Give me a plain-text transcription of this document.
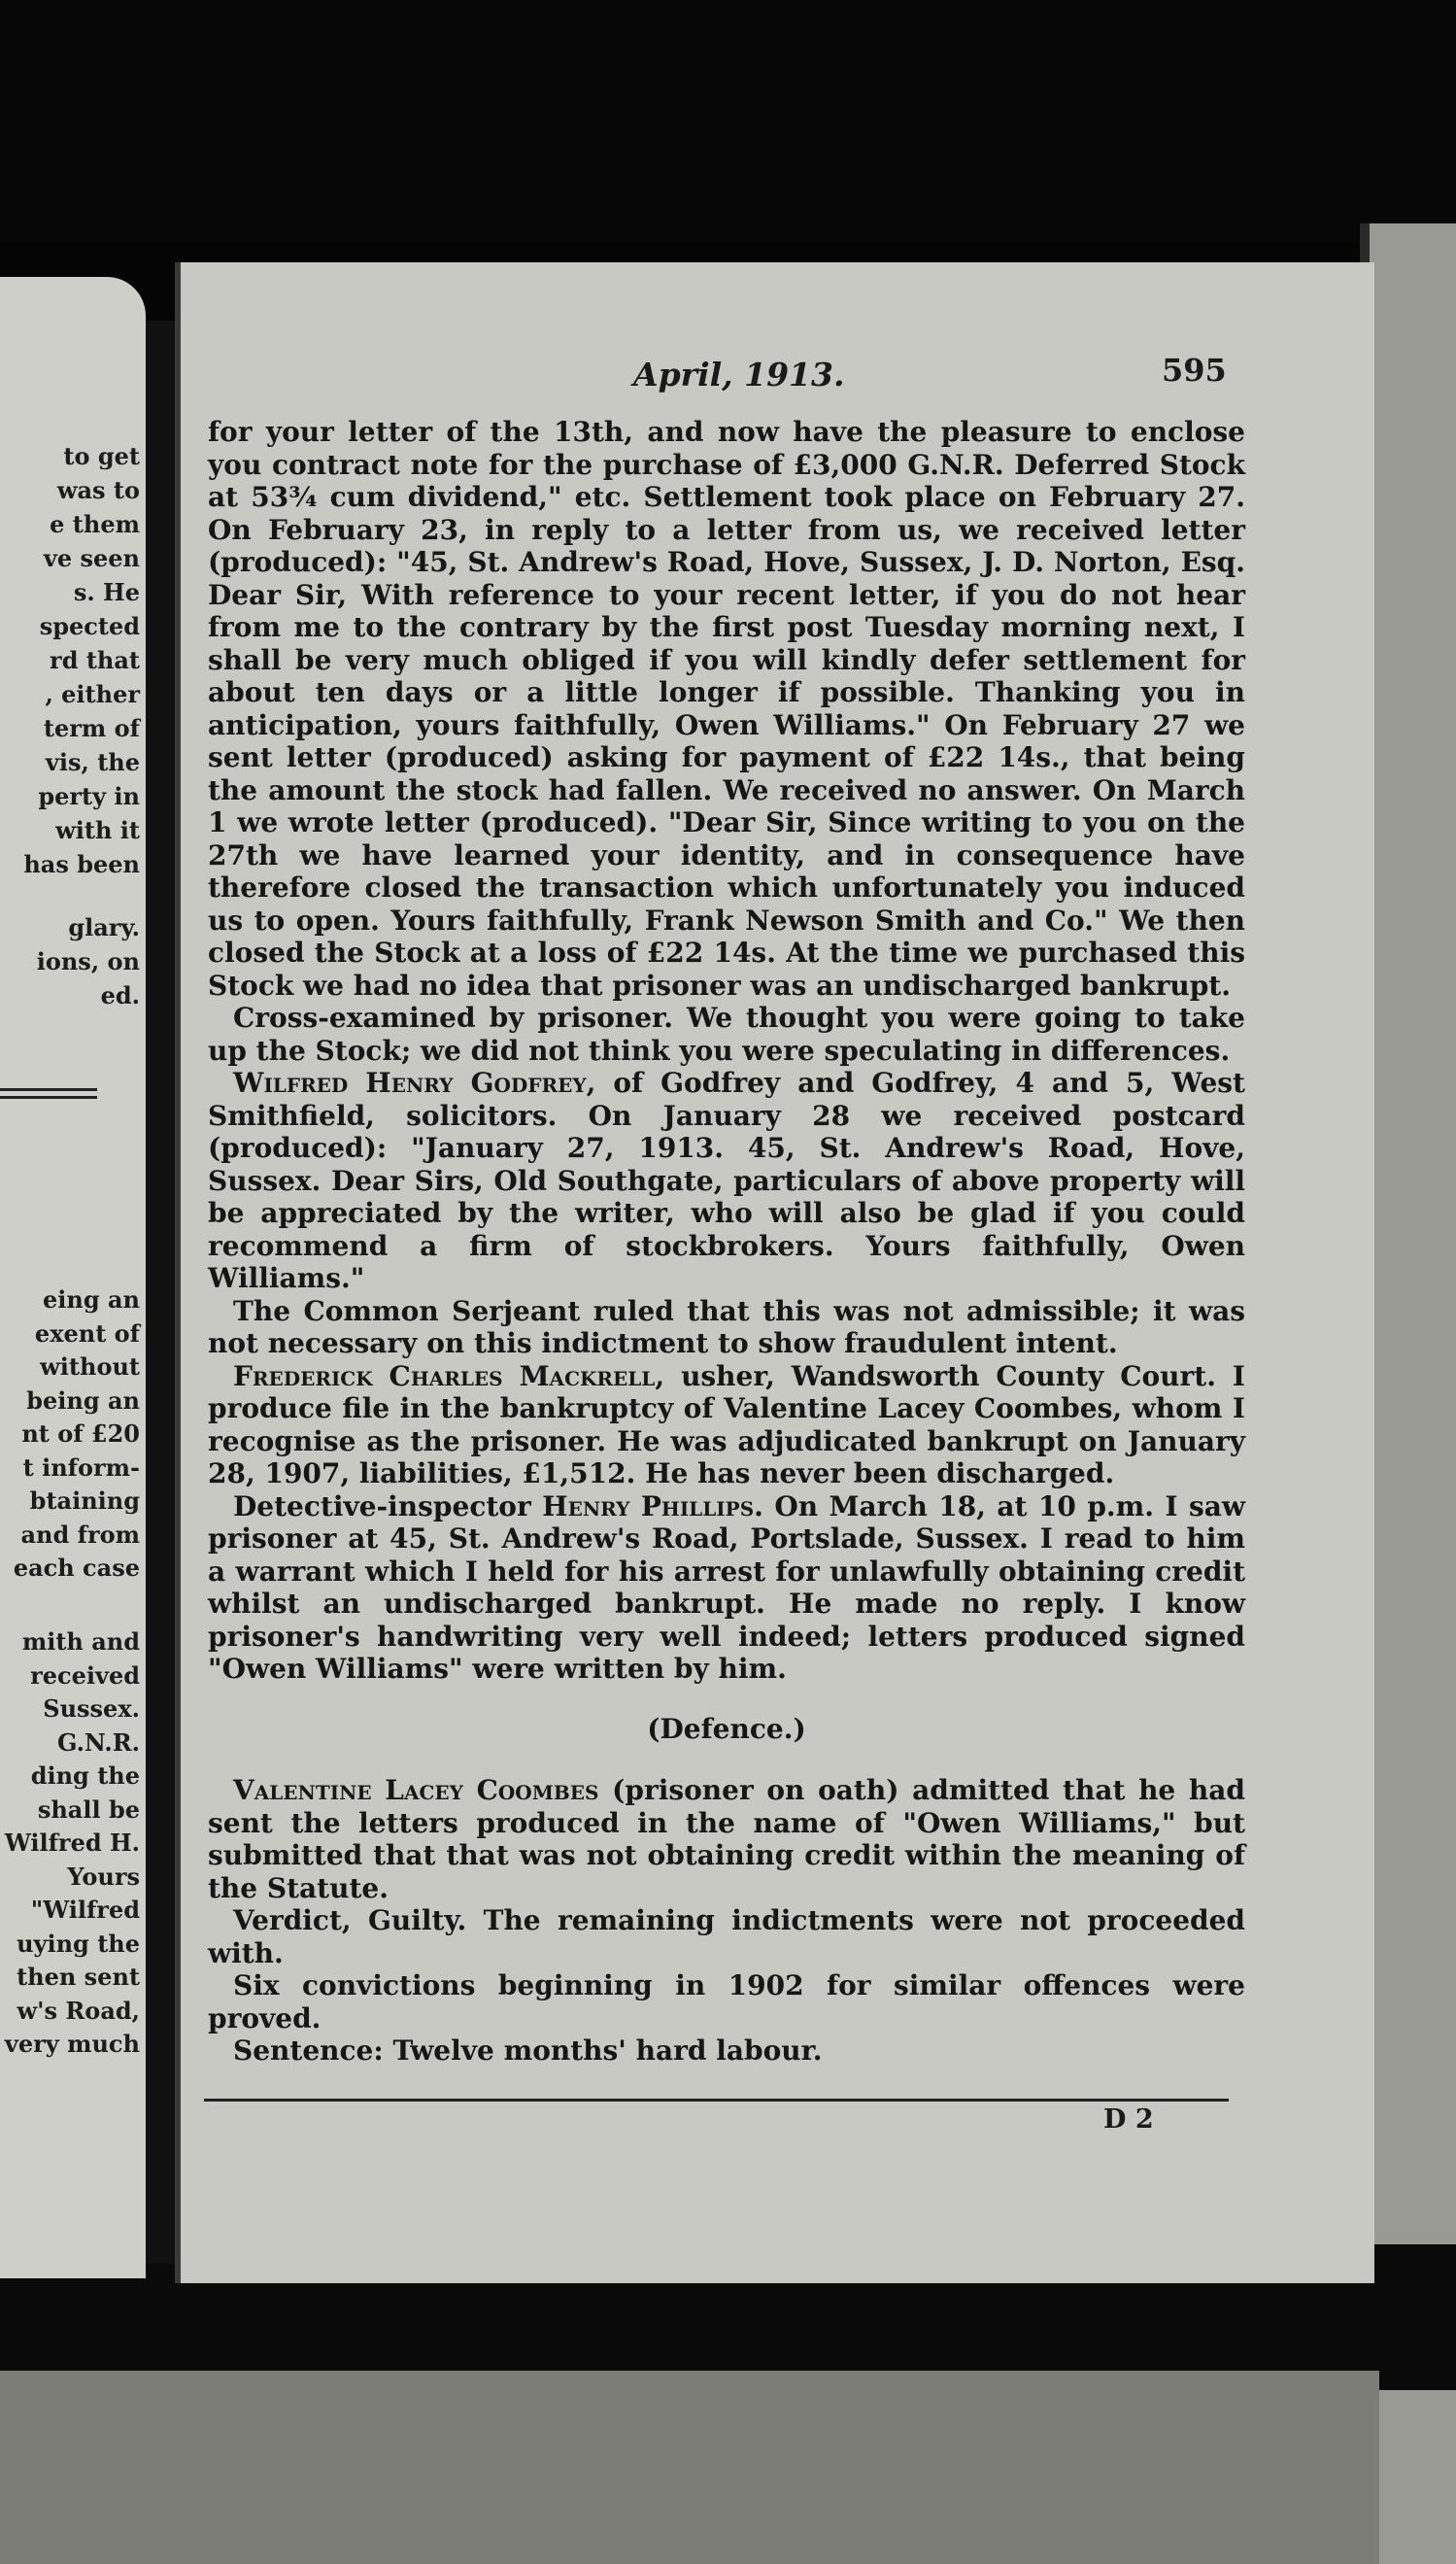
to get
was to
e them
ve seen
s. He
spected
rd that
, either
term of
vis, the
perty in
with it
has been
glary.
ions, on
ed.
eing an
exent of
without
being an
nt of £20
t inform-
btaining
and from
each case
mith and
received
Sussex.
G.N.R.
ding the
shall be
Wilfred H.
Yours
"Wilfred
uying the
then sent
w's Road,
very much
April, 1913.	595

for your letter of the 13th, and now have the pleasure to enclose you contract note for the purchase of £3,000 G.N.R. Deferred Stock at 53¾ cum dividend," etc. Settlement took place on February 27. On February 23, in reply to a letter from us, we received letter (produced): "45, St. Andrew's Road, Hove, Sussex, J. D. Norton, Esq. Dear Sir, With reference to your recent letter, if you do not hear from me to the contrary by the first post Tuesday morning next, I shall be very much obliged if you will kindly defer settlement for about ten days or a little longer if possible. Thanking you in anticipation, yours faithfully, Owen Williams." On February 27 we sent letter (produced) asking for payment of £22 14s., that being the amount the stock had fallen. We received no answer. On March 1 we wrote letter (produced). "Dear Sir, Since writing to you on the 27th we have learned your identity, and in consequence have therefore closed the transaction which unfortunately you induced us to open. Yours faithfully, Frank Newson Smith and Co." We then closed the Stock at a loss of £22 14s. At the time we purchased this Stock we had no idea that prisoner was an undischarged bankrupt.

Cross-examined by prisoner. We thought you were going to take up the Stock; we did not think you were speculating in differences.

Wilfred Henry Godfrey, of Godfrey and Godfrey, 4 and 5, West Smithfield, solicitors. On January 28 we received postcard (produced): "January 27, 1913. 45, St. Andrew's Road, Hove, Sussex. Dear Sirs, Old Southgate, particulars of above property will be appreciated by the writer, who will also be glad if you could recommend a firm of stockbrokers. Yours faithfully, Owen Williams."

The Common Serjeant ruled that this was not admissible; it was not necessary on this indictment to show fraudulent intent.

Frederick Charles Mackrell, usher, Wandsworth County Court. I produce file in the bankruptcy of Valentine Lacey Coombes, whom I recognise as the prisoner. He was adjudicated bankrupt on January 28, 1907, liabilities, £1,512. He has never been discharged.

Detective-inspector Henry Phillips. On March 18, at 10 p.m. I saw prisoner at 45, St. Andrew's Road, Portslade, Sussex. I read to him a warrant which I held for his arrest for unlawfully obtaining credit whilst an undischarged bankrupt. He made no reply. I know prisoner's handwriting very well indeed; letters produced signed "Owen Williams" were written by him.

(Defence.)

Valentine Lacey Coombes (prisoner on oath) admitted that he had sent the letters produced in the name of "Owen Williams," but submitted that that was not obtaining credit within the meaning of the Statute.

Verdict, Guilty. The remaining indictments were not proceeded with.

Six convictions beginning in 1902 for similar offences were proved.

Sentence: Twelve months' hard labour.

D 2
